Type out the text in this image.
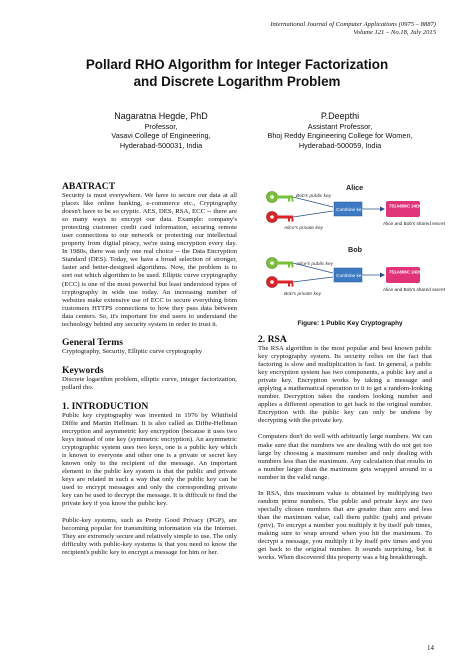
International Journal of Computer Applications (0975 – 8887)
Volume 121 – No.18, July 2015
Pollard RHO Algorithm for Integer Factorization
and Discrete Logarithm Problem
Nagaratna Hegde, PhD
Professor,
Vasavi College of Engineering,
Hyderabad-500031, India
P.Deepthi
Assistant Professor,
Bhoj Reddy Engineering College for Women,
Hyderabad-500059, India
ABATRACT

Security is must everywhere. We have to secure our data at all places like online banking, e-commerce etc., Cryptography doesn't have to be so cryptic. AES, DES, RSA, ECC -- there are so many ways to encrypt our data. Example: company's protecting customer credit card information, securing remote user connections to our network or protecting our intellectual property from digital piracy, we're using encryption every day. In 1980s, there was only one real choice -- the Data Encryption Standard (DES). Today, we have a broad selection of stronger, faster and better-designed algorithms. Now, the problem is to sort out which algorithm to be used. Elliptic curve cryptography (ECC) is one of the most powerful but least understood types of cryptography in wide use today. An increasing number of websites make extensive use of ECC to secure everything from customers HTTPS connections to how they pass data between data centers. So, it's important for end users to understand the technology behind any security system in order to trust it.

General Terms

Cryptography, Security, Elliptic curve cryptography

Keywords

Discrete logarithm problem, elliptic curve, integer factorization, pollard rho.

1. INTRODUCTION

Public key cryptography was invented in 1976 by Whitfield Diffie and Martin Hellman. It is also called as Diffie-Hellman encryption and asymmetric key encryption (because it uses two keys instead of one key (symmetric encryption). An asymmetric cryptographic system uses two keys, one is a public key which is known to everyone and other one is a private or secret key known only to the recipient of the message. An important element to the public key system is that the public and private keys are related in such a way that only the public key can be used to encrypt messages and only the corresponding private key can be used to decrypt the message. It is difficult to find the private key if you know the public key.

Public-key systems, such as Pretty Good Privacy (PGP), are becoming popular for transmitting information via the Internet. They are extremely secure and relatively simple to use. The only difficulty with public-key systems is that you need to know the recipient's public key to encrypt a message for him or her.

Alice
Bob's public key
Alice's private key
Combine keys
751A696C 24D97009
Alice and Bob's shared secret
Bob
Alice's public key
Bob's private key
Combine keys
751A696C 24D97009
Alice and Bob's shared secret
Figure: 1 Public Key Cryptography
2. RSA

The RSA algorithm is the most popular and best known public key cryptography system. Its security relies on the fact that factoring is slow and multiplication is fast. In general, a public key encryption system has two components, a public key and a private key. Encryption works by taking a message and applying a mathematical operation to it to get a random-looking number. Decryption takes the random looking number and applies a different operation to get back to the original number. Encryption with the public key can only be undone by decrypting with the private key.

Computers don't do well with arbitrarily large numbers. We can make sure that the numbers we are dealing with do not get too large by choosing a maximum number and only dealing with numbers less than the maximum. Any calculation that results in a number larger than the maximum gets wrapped around to a number in the valid range.

In RSA, this maximum value is obtained by multiplying two random prime numbers. The public and private keys are two specially chosen numbers that are greater than zero and less than the maximum value, call them public (pub) and private (priv). To encrypt a number you multiply it by itself pub times, making sure to wrap around when you hit the maximum. To decrypt a message, you multiply it by itself priv times and you get back to the original number. It sounds surprising, but it works. When discovered this property was a big breakthrough.

14
